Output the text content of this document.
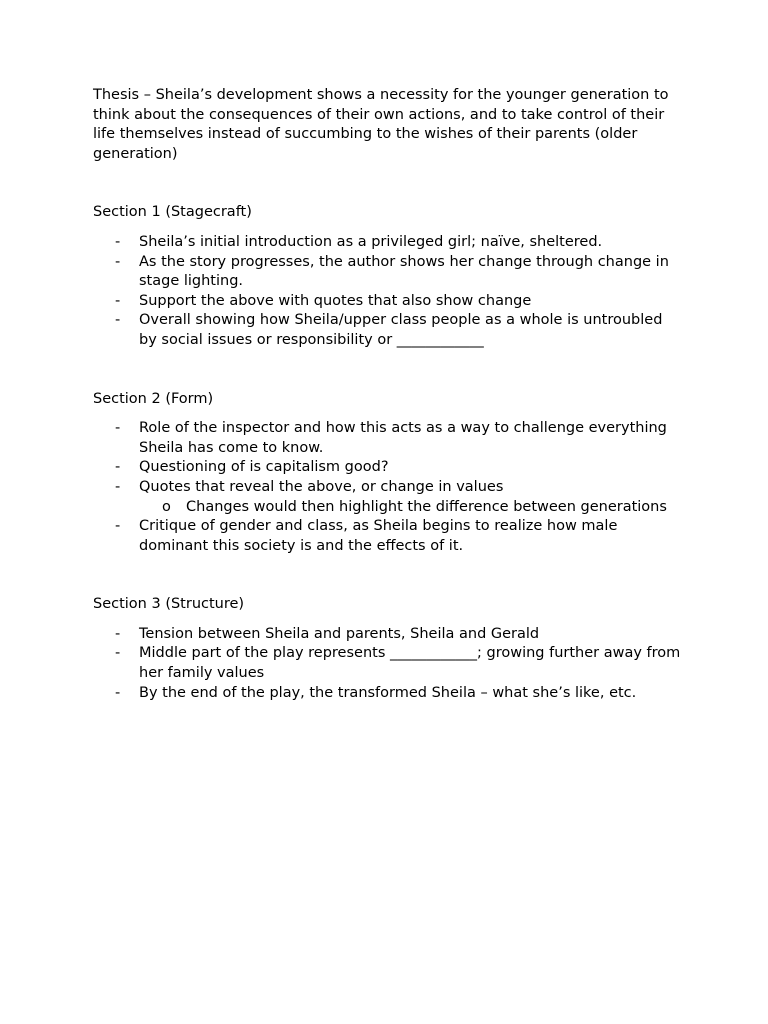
Thesis – Sheila’s development shows a necessity for the younger generation to think about the consequences of their own actions, and to take control of their life themselves instead of succumbing to the wishes of their parents (older generation)

Section 1 (Stagecraft)

- Sheila’s initial introduction as a privileged girl; naïve, sheltered.
- As the story progresses, the author shows her change through change in stage lighting.
- Support the above with quotes that also show change
- Overall showing how Sheila/upper class people as a whole is untroubled by social issues or responsibility or ____________

Section 2 (Form)

- Role of the inspector and how this acts as a way to challenge everything Sheila has come to know.
- Questioning of is capitalism good?
- Quotes that reveal the above, or change in values
o Changes would then highlight the difference between generations
- Critique of gender and class, as Sheila begins to realize how male dominant this society is and the effects of it.

Section 3 (Structure)

- Tension between Sheila and parents, Sheila and Gerald
- Middle part of the play represents ____________; growing further away from her family values
- By the end of the play, the transformed Sheila – what she’s like, etc.
